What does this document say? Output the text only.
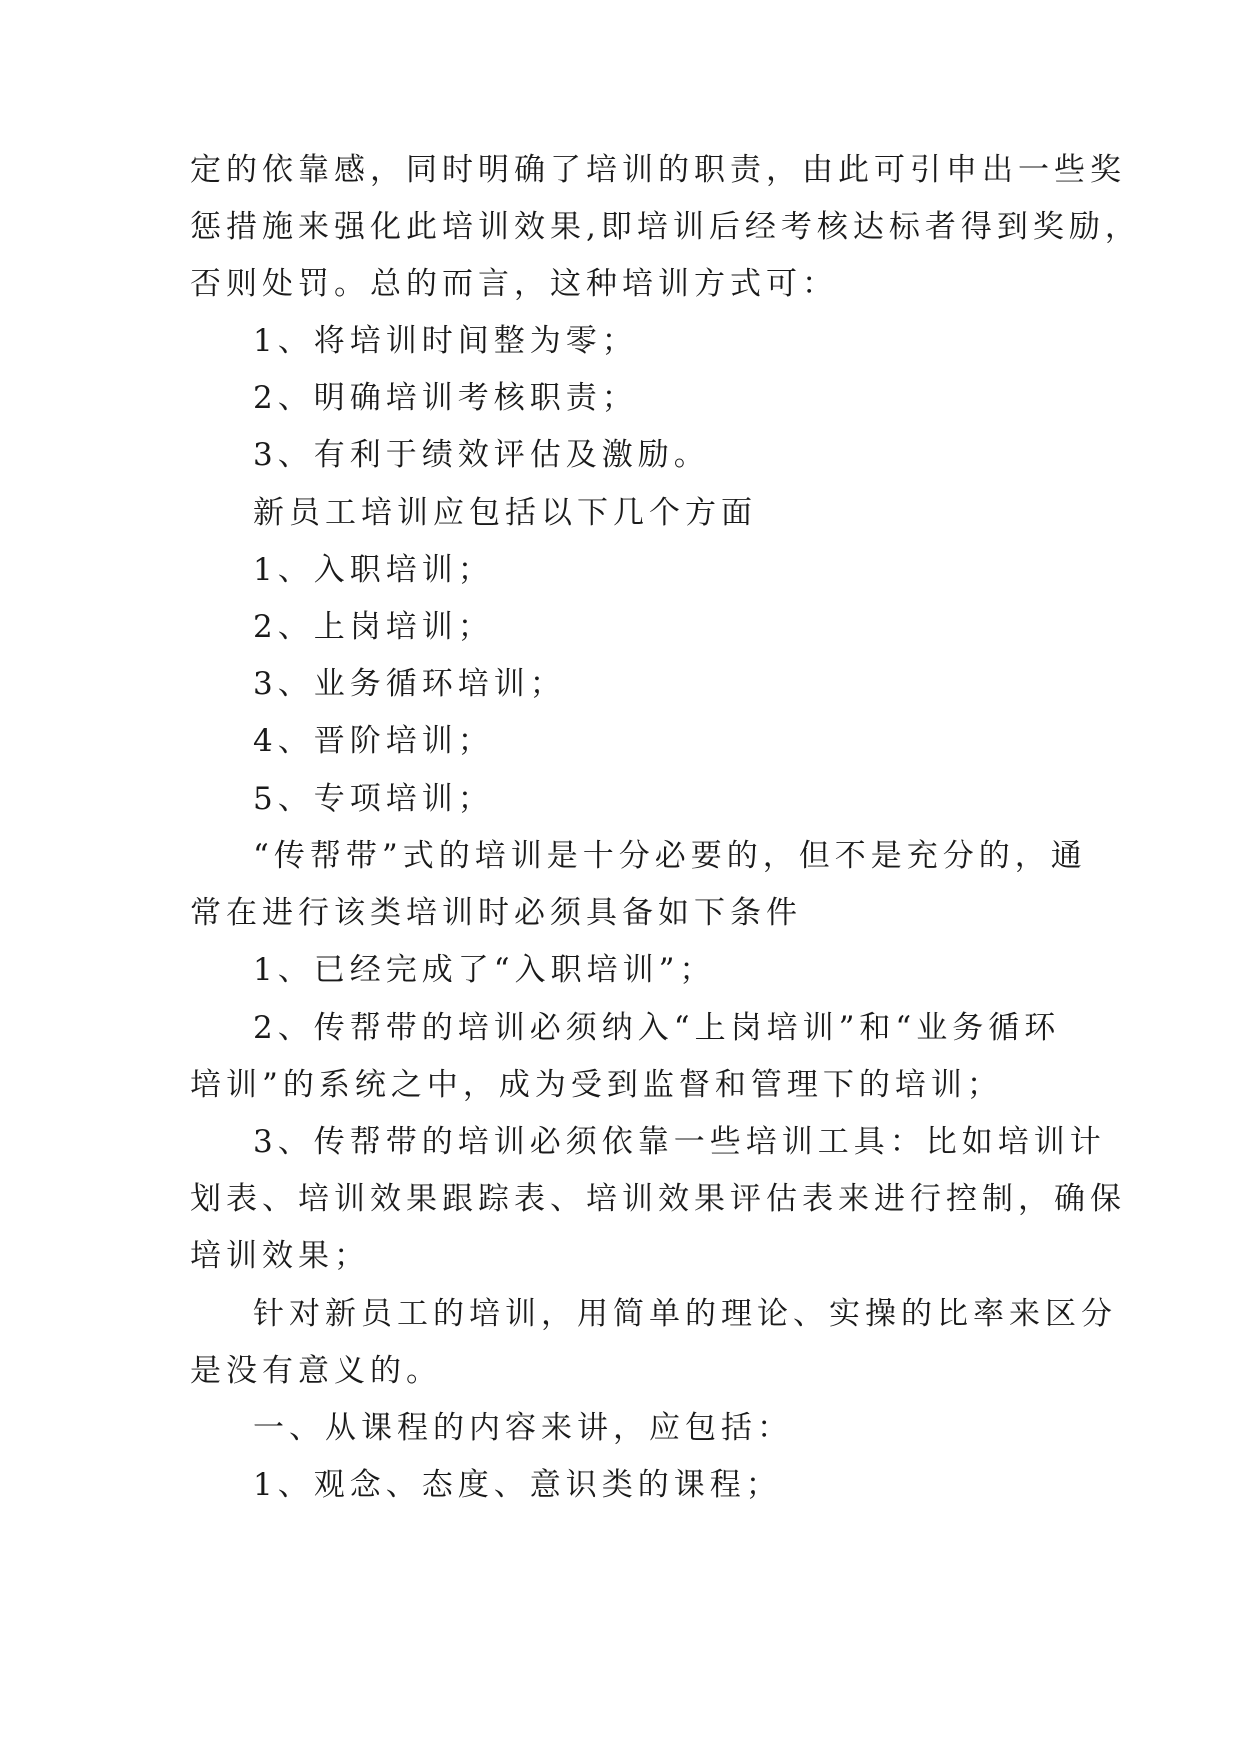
定的依靠感，同时明确了培训的职责，由此可引申出一些奖
惩措施来强化此培训效果,即培训后经考核达标者得到奖励，
否则处罚。总的而言，这种培训方式可：
1、将培训时间整为零；
2、明确培训考核职责；
3、有利于绩效评估及激励。
新员工培训应包括以下几个方面
1、入职培训；
2、上岗培训；
3、业务循环培训；
4、晋阶培训；
5、专项培训；
“传帮带”式的培训是十分必要的，但不是充分的，通
常在进行该类培训时必须具备如下条件
1、已经完成了“入职培训”；
2、传帮带的培训必须纳入“上岗培训”和“业务循环
培训”的系统之中，成为受到监督和管理下的培训；
3、传帮带的培训必须依靠一些培训工具：比如培训计
划表、培训效果跟踪表、培训效果评估表来进行控制，确保
培训效果；
针对新员工的培训，用简单的理论、实操的比率来区分
是没有意义的。
一、从课程的内容来讲，应包括：
1、观念、态度、意识类的课程；
